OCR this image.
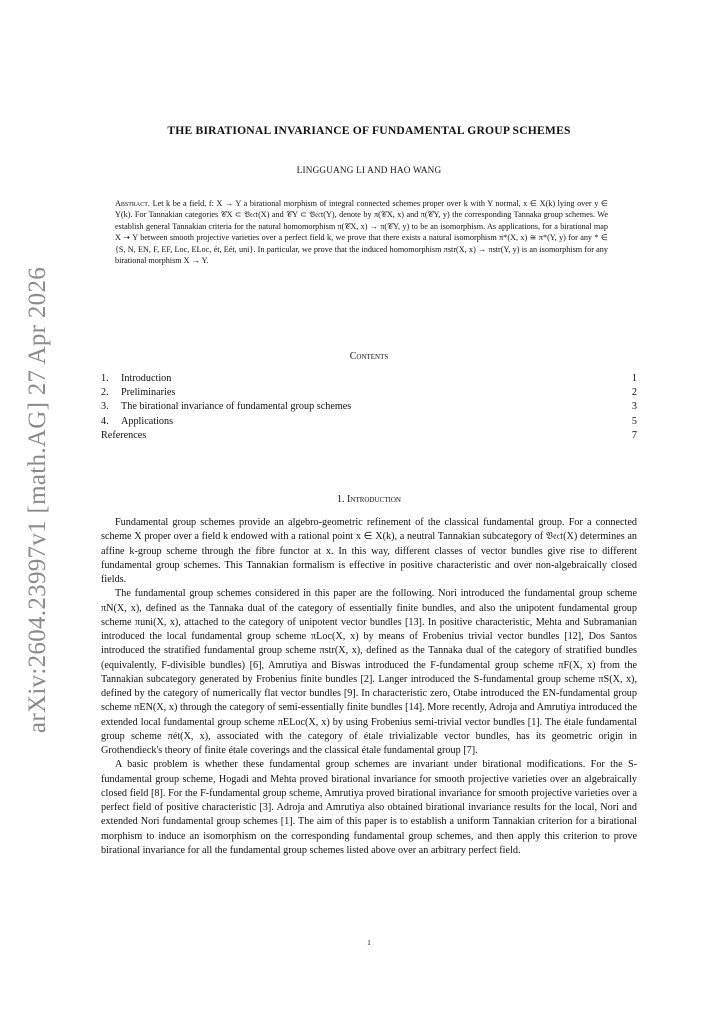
arXiv:2604.23997v1 [math.AG] 27 Apr 2026
THE BIRATIONAL INVARIANCE OF FUNDAMENTAL GROUP SCHEMES
LINGGUANG LI AND HAO WANG
Abstract. Let k be a field, f: X → Y a birational morphism of integral connected schemes proper over k with Y normal, x ∈ X(k) lying over y ∈ Y(k). For Tannakian categories 𝒞X ⊂ 𝔙𝔢𝔠𝔱(X) and 𝒞Y ⊂ 𝔙𝔢𝔠𝔱(Y), denote by π(𝒞X, x) and π(𝒞Y, y) the corresponding Tannaka group schemes. We establish general Tannakian criteria for the natural homomorphism π(𝒞X, x) → π(𝒞Y, y) to be an isomorphism. As applications, for a birational map X ⇢ Y between smooth projective varieties over a perfect field k, we prove that there exists a natural isomorphism π*(X, x) ≅ π*(Y, y) for any * ∈ {S, N, EN, F, EF, Loc, ELoc, ét, Eét, uni}. In particular, we prove that the induced homomorphism πstr(X, x) → πstr(Y, y) is an isomorphism for any birational morphism X → Y.
Contents
1. Introduction	1
2. Preliminaries	2
3. The birational invariance of fundamental group schemes	3
4. Applications	5
References	7
1. Introduction

Fundamental group schemes provide an algebro-geometric refinement of the classical fundamental group. For a connected scheme X proper over a field k endowed with a rational point x ∈ X(k), a neutral Tannakian subcategory of 𝔙𝔢𝔠𝔱(X) determines an affine k-group scheme through the fibre functor at x. In this way, different classes of vector bundles give rise to different fundamental group schemes. This Tannakian formalism is effective in positive characteristic and over non-algebraically closed fields.

The fundamental group schemes considered in this paper are the following. Nori introduced the fundamental group scheme πN(X, x), defined as the Tannaka dual of the category of essentially finite bundles, and also the unipotent fundamental group scheme πuni(X, x), attached to the category of unipotent vector bundles [13]. In positive characteristic, Mehta and Subramanian introduced the local fundamental group scheme πLoc(X, x) by means of Frobenius trivial vector bundles [12], Dos Santos introduced the stratified fundamental group scheme πstr(X, x), defined as the Tannaka dual of the category of stratified bundles (equivalently, F-divisible bundles) [6], Amrutiya and Biswas introduced the F-fundamental group scheme πF(X, x) from the Tannakian subcategory generated by Frobenius finite bundles [2]. Langer introduced the S-fundamental group scheme πS(X, x), defined by the category of numerically flat vector bundles [9]. In characteristic zero, Otabe introduced the EN-fundamental group scheme πEN(X, x) through the category of semi-essentially finite bundles [14]. More recently, Adroja and Amrutiya introduced the extended local fundamental group scheme πELoc(X, x) by using Frobenius semi-trivial vector bundles [1]. The étale fundamental group scheme πét(X, x), associated with the category of étale trivializable vector bundles, has its geometric origin in Grothendieck's theory of finite étale coverings and the classical étale fundamental group [7].

A basic problem is whether these fundamental group schemes are invariant under birational modifications. For the S-fundamental group scheme, Hogadi and Mehta proved birational invariance for smooth projective varieties over an algebraically closed field [8]. For the F-fundamental group scheme, Amrutiya proved birational invariance for smooth projective varieties over a perfect field of positive characteristic [3]. Adroja and Amrutiya also obtained birational invariance results for the local, Nori and extended Nori fundamental group schemes [1]. The aim of this paper is to establish a uniform Tannakian criterion for a birational morphism to induce an isomorphism on the corresponding fundamental group schemes, and then apply this criterion to prove birational invariance for all the fundamental group schemes listed above over an arbitrary perfect field.

1
